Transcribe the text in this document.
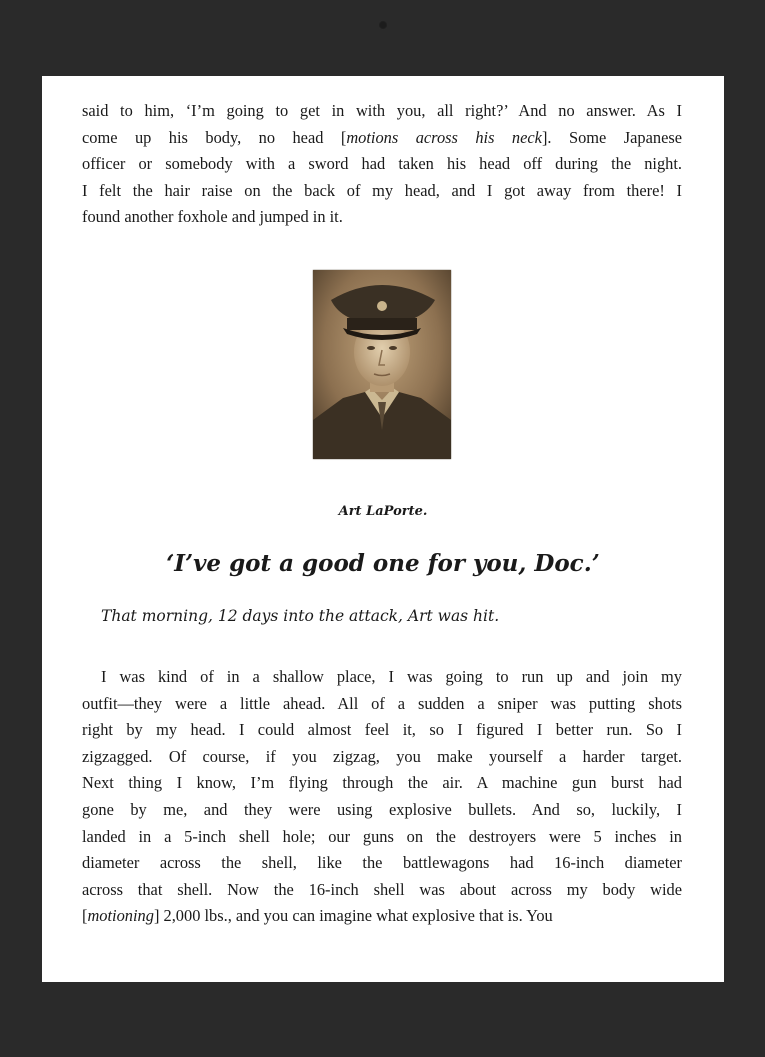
said to him, ‘I’m going to get in with you, all right?’ And no answer. As I
come up his body, no head [motions across his neck]. Some Japanese
officer or somebody with a sword had taken his head off during the night.
I felt the hair raise on the back of my head, and I got away from there! I
found another foxhole and jumped in it.
Art LaPorte.
‘I’ve got a good one for you, Doc.’
That morning, 12 days into the attack, Art was hit.
I was kind of in a shallow place, I was going to run up and join my
outfit—they were a little ahead. All of a sudden a sniper was putting shots
right by my head. I could almost feel it, so I figured I better run. So I
zigzagged. Of course, if you zigzag, you make yourself a harder target.
Next thing I know, I’m flying through the air. A machine gun burst had
gone by me, and they were using explosive bullets. And so, luckily, I
landed in a 5-inch shell hole; our guns on the destroyers were 5 inches in
diameter across the shell, like the battlewagons had 16-inch diameter
across that shell. Now the 16-inch shell was about across my body wide
[motioning] 2,000 lbs., and you can imagine what explosive that is. You
